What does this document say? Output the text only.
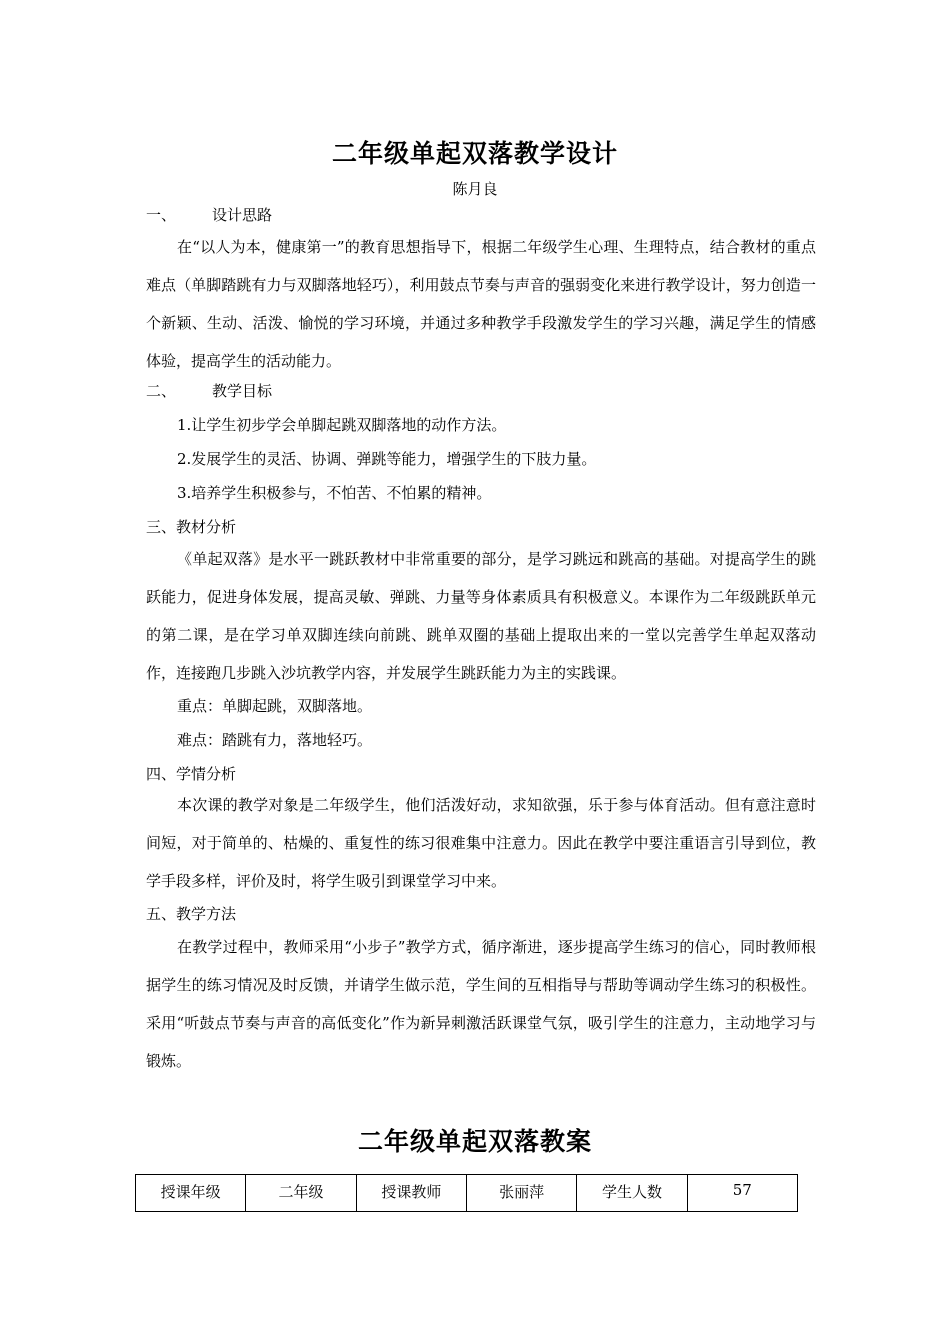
二年级单起双落教学设计
陈月良
一、 设计思路

在“以人为本，健康第一”的教育思想指导下，根据二年级学生心理、生理特点，结合教材的重点难点（单脚踏跳有力与双脚落地轻巧），利用鼓点节奏与声音的强弱变化来进行教学设计，努力创造一个新颖、生动、活泼、愉悦的学习环境，并通过多种教学手段激发学生的学习兴趣，满足学生的情感体验，提高学生的活动能力。

二、 教学目标
1.让学生初步学会单脚起跳双脚落地的动作方法。
2.发展学生的灵活、协调、弹跳等能力，增强学生的下肢力量。
3.培养学生积极参与，不怕苦、不怕累的精神。
三、教材分析

《单起双落》是水平一跳跃教材中非常重要的部分，是学习跳远和跳高的基础。对提高学生的跳跃能力，促进身体发展，提高灵敏、弹跳、力量等身体素质具有积极意义。本课作为二年级跳跃单元的第二课，是在学习单双脚连续向前跳、跳单双圈的基础上提取出来的一堂以完善学生单起双落动作，连接跑几步跳入沙坑教学内容，并发展学生跳跃能力为主的实践课。

重点：单脚起跳，双脚落地。
难点：踏跳有力，落地轻巧。
四、学情分析

本次课的教学对象是二年级学生，他们活泼好动，求知欲强，乐于参与体育活动。但有意注意时间短，对于简单的、枯燥的、重复性的练习很难集中注意力。因此在教学中要注重语言引导到位，教学手段多样，评价及时，将学生吸引到课堂学习中来。

五、教学方法

在教学过程中，教师采用“小步子”教学方式，循序渐进，逐步提高学生练习的信心，同时教师根据学生的练习情况及时反馈，并请学生做示范，学生间的互相指导与帮助等调动学生练习的积极性。采用“听鼓点节奏与声音的高低变化”作为新异刺激活跃课堂气氛，吸引学生的注意力，主动地学习与锻炼。

二年级单起双落教案
授课年级	二年级	授课教师	张丽萍	学生人数	57
